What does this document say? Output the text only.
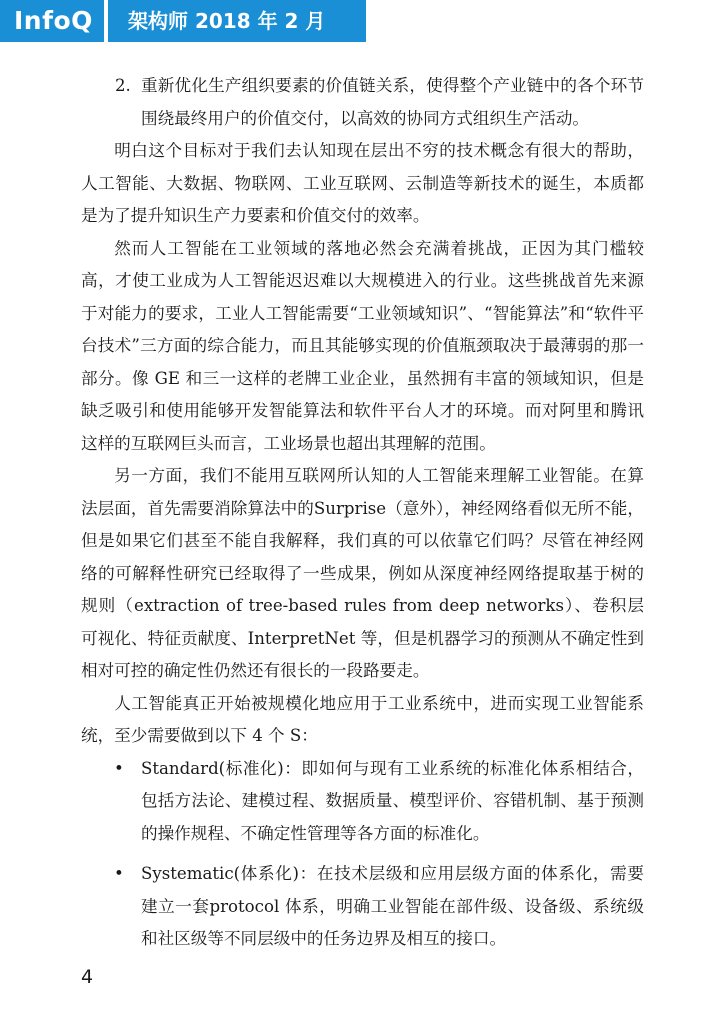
InfoQ	架构师 2018 年 2 月
2. 重新优化生产组织要素的价值链关系，使得整个产业链中的各个环节围绕最终用户的价值交付，以高效的协同方式组织生产活动。

明白这个目标对于我们去认知现在层出不穷的技术概念有很大的帮助，人工智能、大数据、物联网、工业互联网、云制造等新技术的诞生，本质都是为了提升知识生产力要素和价值交付的效率。

然而人工智能在工业领域的落地必然会充满着挑战，正因为其门槛较高，才使工业成为人工智能迟迟难以大规模进入的行业。这些挑战首先来源于对能力的要求，工业人工智能需要“工业领域知识”、“智能算法”和“软件平台技术”三方面的综合能力，而且其能够实现的价值瓶颈取决于最薄弱的那一部分。像 GE 和三一这样的老牌工业企业，虽然拥有丰富的领域知识，但是缺乏吸引和使用能够开发智能算法和软件平台人才的环境。而对阿里和腾讯这样的互联网巨头而言，工业场景也超出其理解的范围。

另一方面，我们不能用互联网所认知的人工智能来理解工业智能。在算法层面，首先需要消除算法中的Surprise（意外），神经网络看似无所不能，但是如果它们甚至不能自我解释，我们真的可以依靠它们吗？尽管在神经网络的可解释性研究已经取得了一些成果，例如从深度神经网络提取基于树的规则（extraction of tree-based rules from deep networks）、卷积层可视化、特征贡献度、InterpretNet 等，但是机器学习的预测从不确定性到相对可控的确定性仍然还有很长的一段路要走。

人工智能真正开始被规模化地应用于工业系统中，进而实现工业智能系统，至少需要做到以下 4 个 S：

• Standard(标准化)：即如何与现有工业系统的标准化体系相结合，包括方法论、建模过程、数据质量、模型评价、容错机制、基于预测的操作规程、不确定性管理等各方面的标准化。
• Systematic(体系化)：在技术层级和应用层级方面的体系化，需要建立一套protocol 体系，明确工业智能在部件级、设备级、系统级和社区级等不同层级中的任务边界及相互的接口。
4
